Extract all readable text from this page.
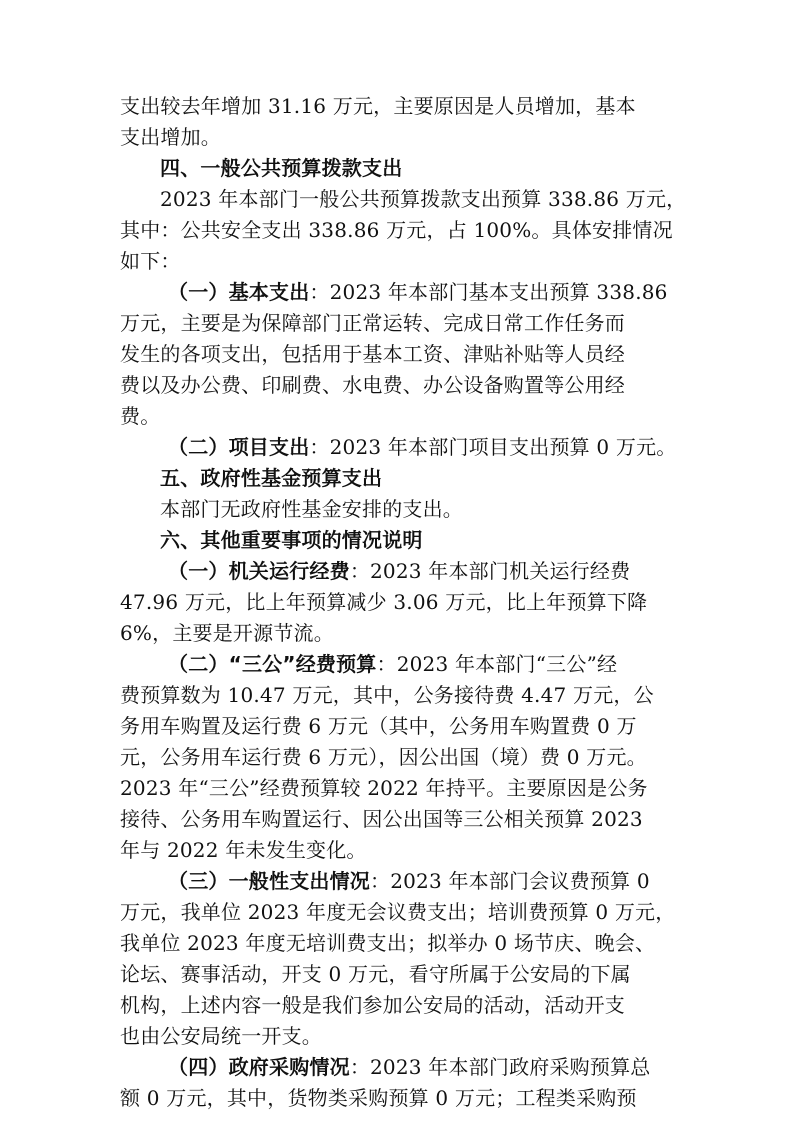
支出较去年增加 31.16 万元，主要原因是人员增加，基本
支出增加。
四、一般公共预算拨款支出
2023 年本部门一般公共预算拨款支出预算 338.86 万元，
其中：公共安全支出 338.86 万元，占 100%。具体安排情况
如下：
（一）基本支出：2023 年本部门基本支出预算 338.86
万元，主要是为保障部门正常运转、完成日常工作任务而
发生的各项支出，包括用于基本工资、津贴补贴等人员经
费以及办公费、印刷费、水电费、办公设备购置等公用经
费。
（二）项目支出：2023 年本部门项目支出预算 0 万元。
五、政府性基金预算支出
本部门无政府性基金安排的支出。
六、其他重要事项的情况说明
（一）机关运行经费：2023 年本部门机关运行经费
47.96 万元，比上年预算减少 3.06 万元，比上年预算下降
6%，主要是开源节流。
（二）“三公”经费预算：2023 年本部门“三公”经
费预算数为 10.47 万元，其中，公务接待费 4.47 万元，公
务用车购置及运行费 6 万元（其中，公务用车购置费 0 万
元，公务用车运行费 6 万元），因公出国（境）费 0 万元。
2023 年“三公”经费预算较 2022 年持平。主要原因是公务
接待、公务用车购置运行、因公出国等三公相关预算 2023
年与 2022 年未发生变化。
（三）一般性支出情况：2023 年本部门会议费预算 0
万元，我单位 2023 年度无会议费支出；培训费预算 0 万元，
我单位 2023 年度无培训费支出；拟举办 0 场节庆、晚会、
论坛、赛事活动，开支 0 万元，看守所属于公安局的下属
机构，上述内容一般是我们参加公安局的活动，活动开支
也由公安局统一开支。
（四）政府采购情况：2023 年本部门政府采购预算总
额 0 万元，其中，货物类采购预算 0 万元；工程类采购预
